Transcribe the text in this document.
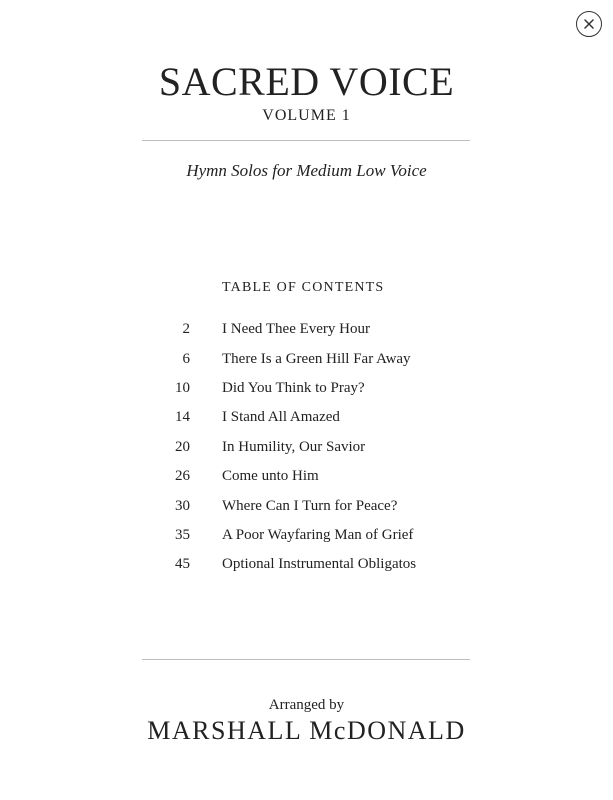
SACRED VOICE
VOLUME 1
Hymn Solos for Medium Low Voice
TABLE OF CONTENTS
2 I Need Thee Every Hour
6 There Is a Green Hill Far Away
10 Did You Think to Pray?
14 I Stand All Amazed
20 In Humility, Our Savior
26 Come unto Him
30 Where Can I Turn for Peace?
35 A Poor Wayfaring Man of Grief
45 Optional Instrumental Obligatos
Arranged by
MARSHALL McDONALD
